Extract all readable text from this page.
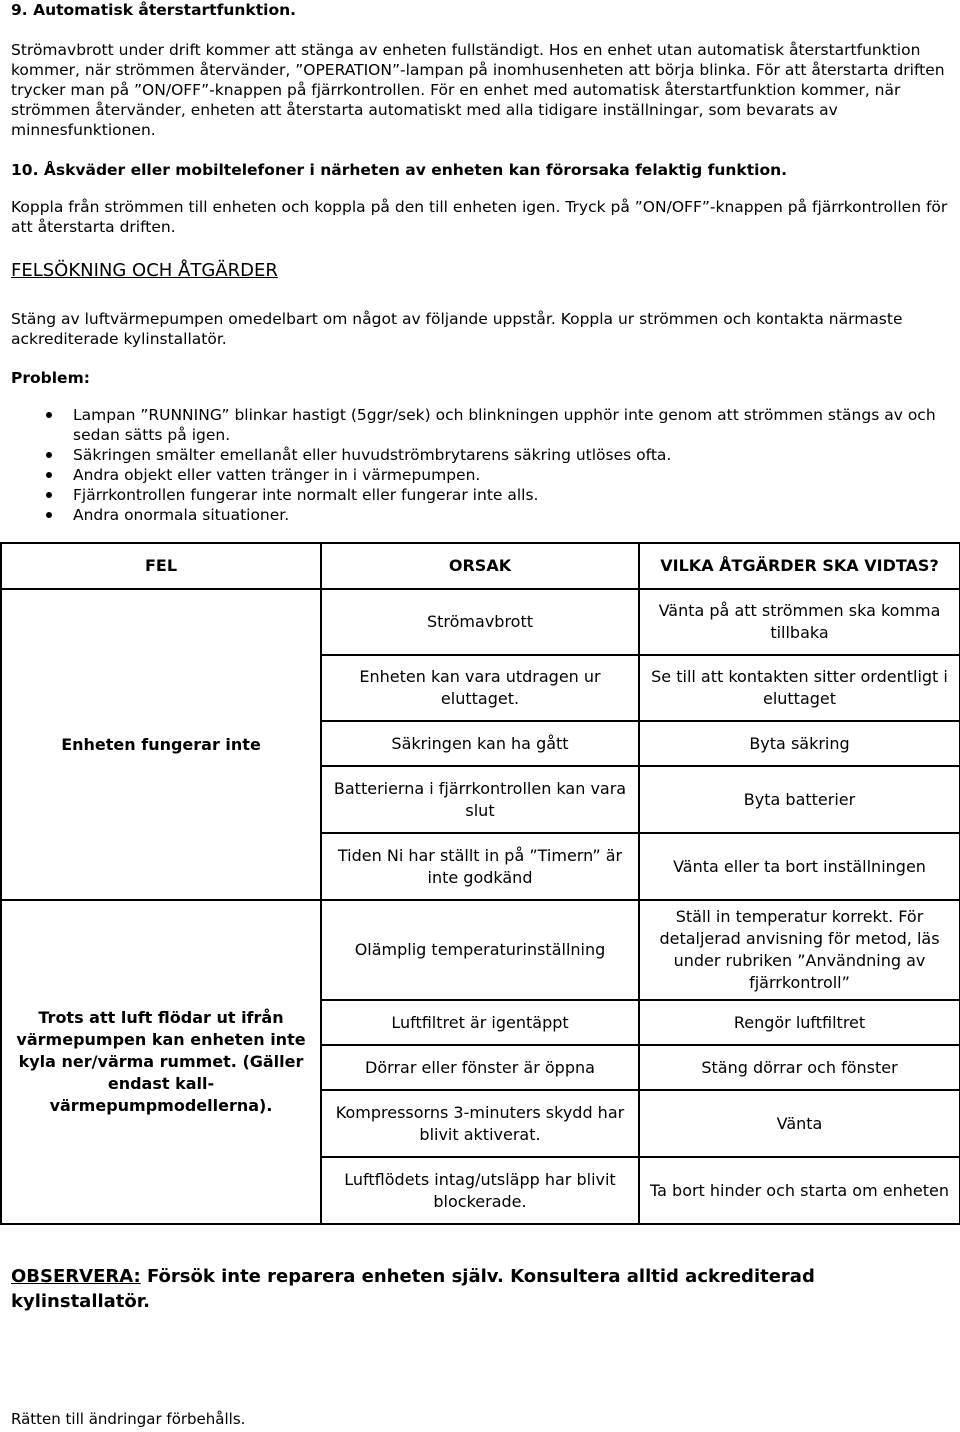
9. Automatisk återstartfunktion.
Strömavbrott under drift kommer att stänga av enheten fullständigt. Hos en enhet utan automatisk återstartfunktion kommer, när strömmen återvänder, ”OPERATION”-lampan på inomhusenheten att börja blinka. För att återstarta driften trycker man på ”ON/OFF”-knappen på fjärrkontrollen. För en enhet med automatisk återstartfunktion kommer, när strömmen återvänder, enheten att återstarta automatiskt med alla tidigare inställningar, som bevarats av minnesfunktionen.
10. Åskväder eller mobiltelefoner i närheten av enheten kan förorsaka felaktig funktion.
Koppla från strömmen till enheten och koppla på den till enheten igen. Tryck på ”ON/OFF”-knappen på fjärrkontrollen för att återstarta driften.
FELSÖKNING OCH ÅTGÄRDER
Stäng av luftvärmepumpen omedelbart om något av följande uppstår. Koppla ur strömmen och kontakta närmaste ackrediterade kylinstallatör.
Problem:
Lampan ”RUNNING” blinkar hastigt (5ggr/sek) och blinkningen upphör inte genom att strömmen stängs av och sedan sätts på igen.
Säkringen smälter emellanåt eller huvudströmbrytarens säkring utlöses ofta.
Andra objekt eller vatten tränger in i värmepumpen.
Fjärrkontrollen fungerar inte normalt eller fungerar inte alls.
Andra onormala situationer.
FEL	ORSAK	VILKA ÅTGÄRDER SKA VIDTAS?
Enheten fungerar inte	Strömavbrott	Vänta på att strömmen ska komma tillbaka
	Enheten kan vara utdragen ur eluttaget.	Se till att kontakten sitter ordentligt i eluttaget
	Säkringen kan ha gått	Byta säkring
	Batterierna i fjärrkontrollen kan vara slut	Byta batterier
	Tiden Ni har ställt in på ”Timern” är inte godkänd	Vänta eller ta bort inställningen

Trots att luft flödar ut ifrån värmepumpen kan enheten inte kyla ner/värma rummet. (Gäller endast kall-värmepumpmodellerna).	Olämplig temperaturinställning	Ställ in temperatur korrekt. För detaljerad anvisning för metod, läs under rubriken ”Användning av fjärrkontroll”
	Luftfiltret är igentäppt	Rengör luftfiltret
	Dörrar eller fönster är öppna	Stäng dörrar och fönster
	Kompressorns 3-minuters skydd har blivit aktiverat.	Vänta
	Luftflödets intag/utsläpp har blivit blockerade.	Ta bort hinder och starta om enheten
OBSERVERA: Försök inte reparera enheten själv. Konsultera alltid ackrediterad kylinstallatör.
Rätten till ändringar förbehålls.
